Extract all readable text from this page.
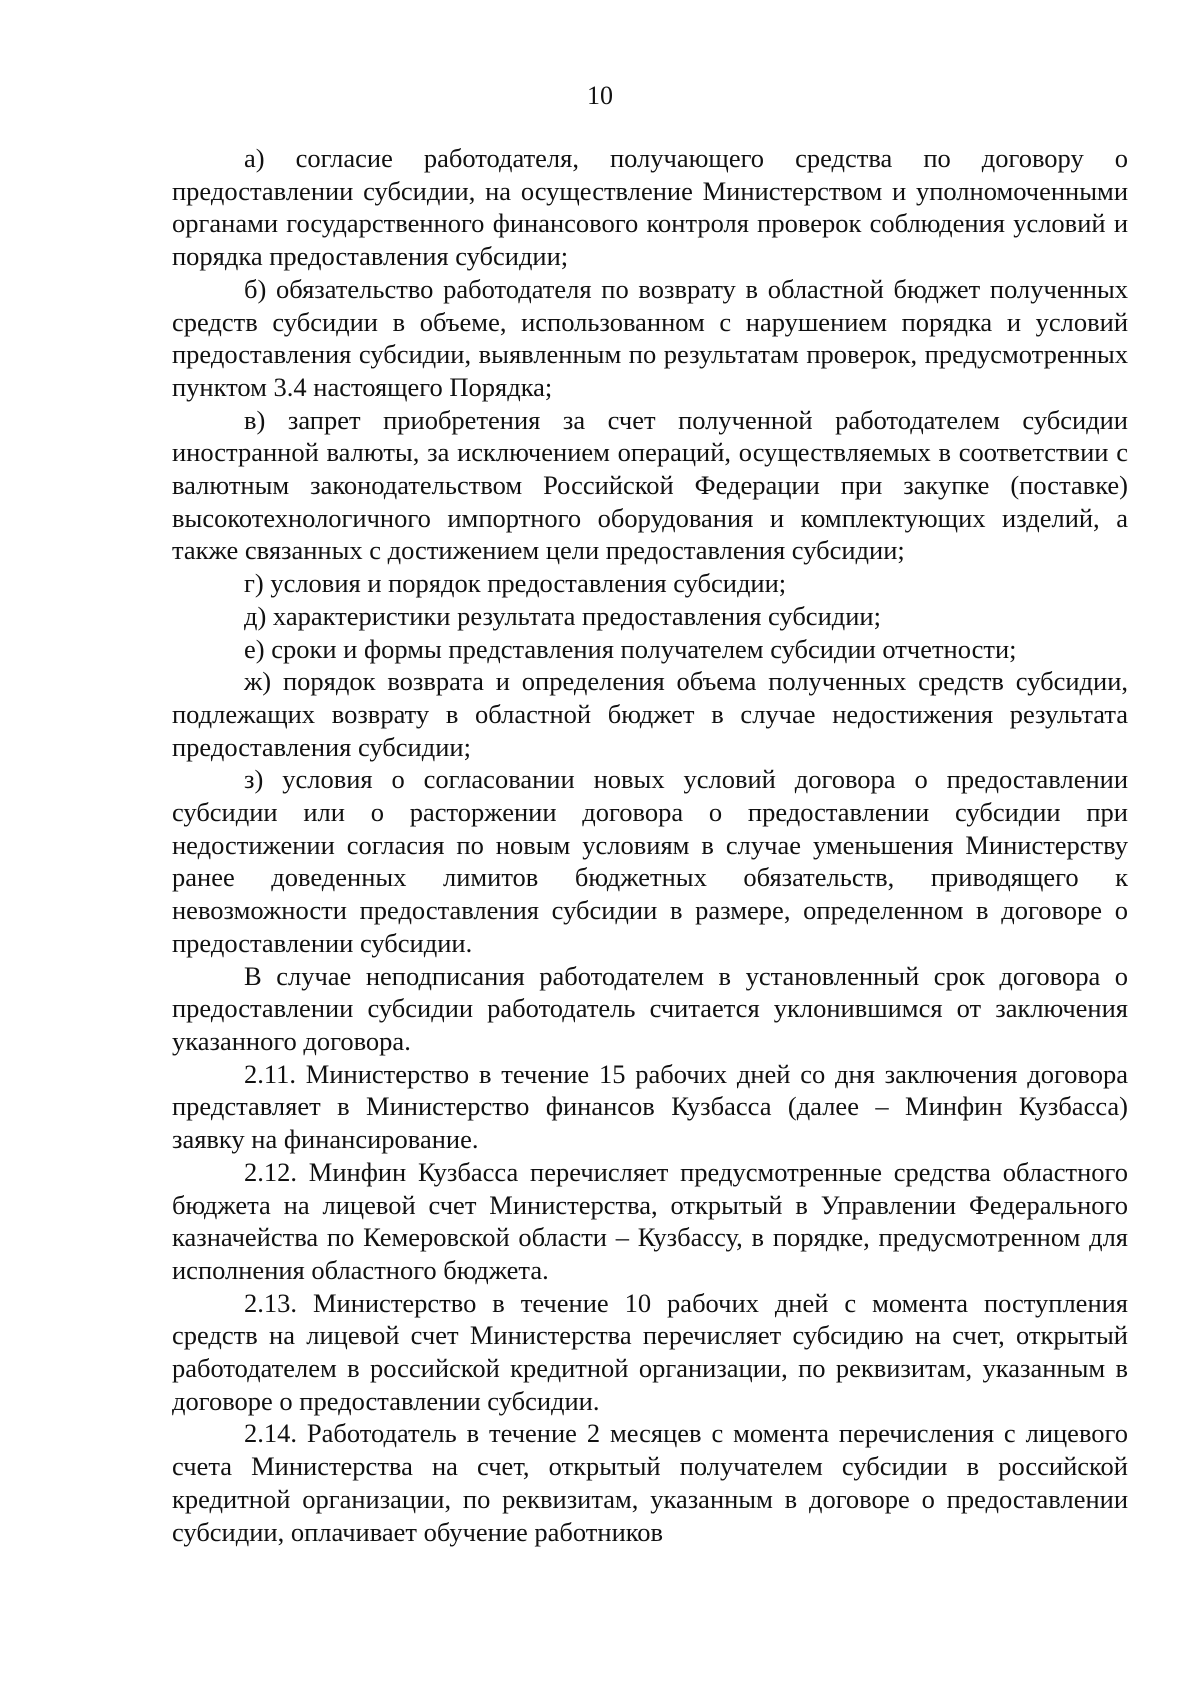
10

а) согласие работодателя, получающего средства по договору о предоставлении субсидии, на осуществление Министерством и уполномоченными органами государственного финансового контроля проверок соблюдения условий и порядка предоставления субсидии;

б) обязательство работодателя по возврату в областной бюджет полученных средств субсидии в объеме, использованном с нарушением порядка и условий предоставления субсидии, выявленным по результатам проверок, предусмотренных пунктом 3.4 настоящего Порядка;

в) запрет приобретения за счет полученной работодателем субсидии иностранной валюты, за исключением операций, осуществляемых в соответствии с валютным законодательством Российской Федерации при закупке (поставке) высокотехнологичного импортного оборудования и комплектующих изделий, а также связанных с достижением цели предоставления субсидии;

г) условия и порядок предоставления субсидии;

д) характеристики результата предоставления субсидии;

е) сроки и формы представления получателем субсидии отчетности;

ж) порядок возврата и определения объема полученных средств субсидии, подлежащих возврату в областной бюджет в случае недостижения результата предоставления субсидии;

з) условия о согласовании новых условий договора о предоставлении субсидии или о расторжении договора о предоставлении субсидии при недостижении согласия по новым условиям в случае уменьшения Министерству ранее доведенных лимитов бюджетных обязательств, приводящего к невозможности предоставления субсидии в размере, определенном в договоре о предоставлении субсидии.

В случае неподписания работодателем в установленный срок договора о предоставлении субсидии работодатель считается уклонившимся от заключения указанного договора.

2.11. Министерство в течение 15 рабочих дней со дня заключения договора представляет в Министерство финансов Кузбасса (далее – Минфин Кузбасса) заявку на финансирование.

2.12. Минфин Кузбасса перечисляет предусмотренные средства областного бюджета на лицевой счет Министерства, открытый в Управлении Федерального казначейства по Кемеровской области – Кузбассу, в порядке, предусмотренном для исполнения областного бюджета.

2.13. Министерство в течение 10 рабочих дней с момента поступления средств на лицевой счет Министерства перечисляет субсидию на счет, открытый работодателем в российской кредитной организации, по реквизитам, указанным в договоре о предоставлении субсидии.

2.14. Работодатель в течение 2 месяцев с момента перечисления с лицевого счета Министерства на счет, открытый получателем субсидии в российской кредитной организации, по реквизитам, указанным в договоре о предоставлении субсидии, оплачивает обучение работников
